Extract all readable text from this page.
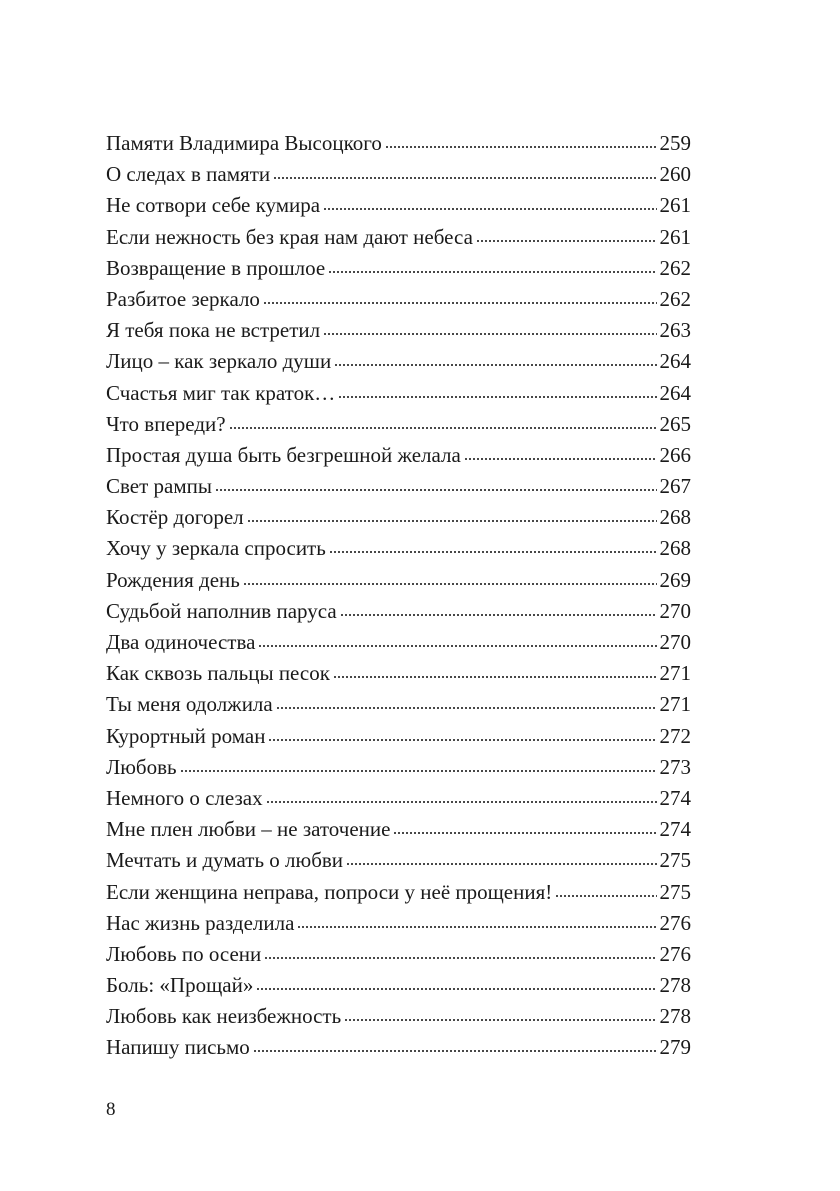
Памяти Владимира Высоцкого	259
О следах в памяти	260
Не сотвори себе кумира	261
Если нежность без края нам дают небеса	261
Возвращение в прошлое	262
Разбитое зеркало	262
Я тебя пока не встретил	263
Лицо – как зеркало души	264
Счастья миг так краток…	264
Что впереди?	265
Простая душа быть безгрешной желала	266
Свет рампы	267
Костёр догорел	268
Хочу у зеркала спросить	268
Рождения день	269
Судьбой наполнив паруса	270
Два одиночества	270
Как сквозь пальцы песок	271
Ты меня одолжила	271
Курортный роман	272
Любовь	273
Немного о слезах	274
Мне плен любви – не заточение	274
Мечтать и думать о любви	275
Если женщина неправа, попроси у неё прощения!	275
Нас жизнь разделила	276
Любовь по осени	276
Боль: «Прощай»	278
Любовь как неизбежность	278
Напишу письмо	279
8
